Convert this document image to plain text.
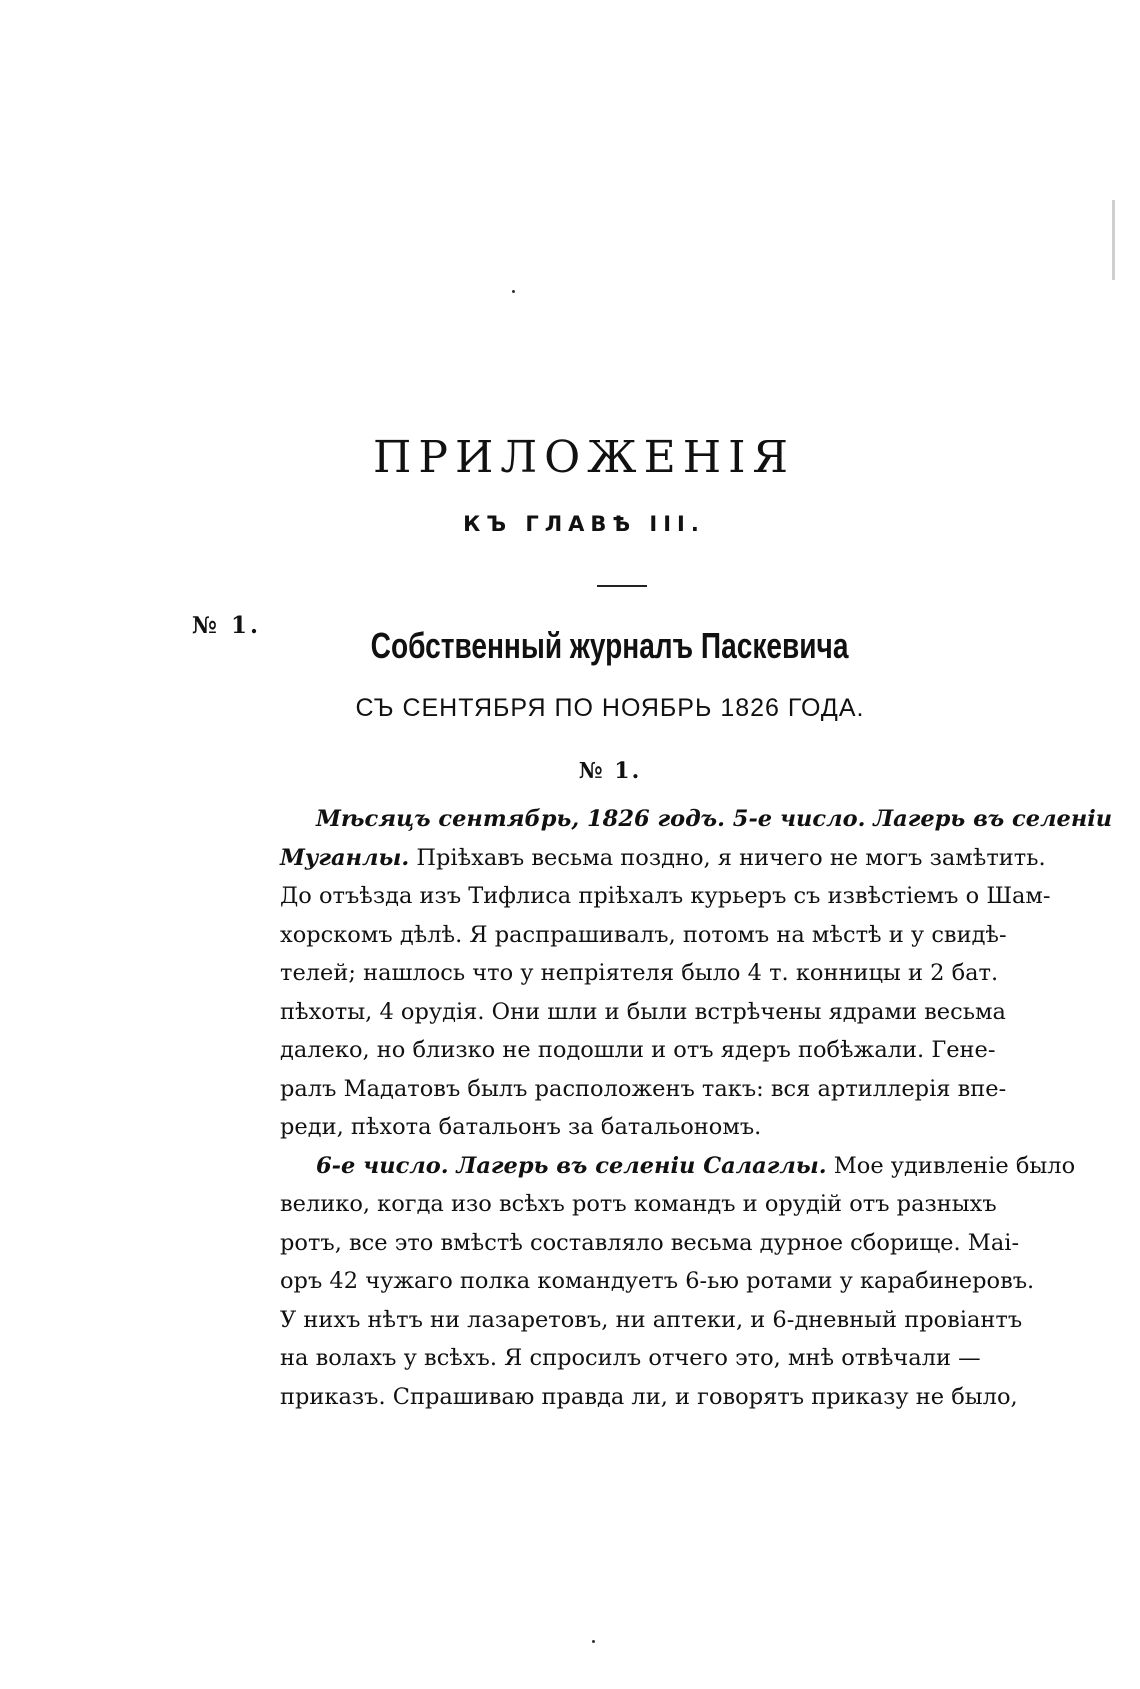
ПРИЛОЖЕНІЯ
КЪ ГЛАВѢ III.
№ 1.	Собственный журналъ Паскевича
СЪ СЕНТЯБРЯ ПО НОЯБРЬ 1826 ГОДА.
№ 1.
Мѣсяцъ сентябрь, 1826 годъ. 5-е число. Лагерь въ селеніи
Муганлы. Пріѣхавъ весьма поздно, я ничего не могъ замѣтить.
До отъѣзда изъ Тифлиса пріѣхалъ курьеръ съ извѣстіемъ о Шам-
хорскомъ дѣлѣ. Я распрашивалъ, потомъ на мѣстѣ и у свидѣ-
телей; нашлось что у непріятеля было 4 т. конницы и 2 бат.
пѣхоты, 4 орудія. Они шли и были встрѣчены ядрами весьма
далеко, но близко не подошли и отъ ядеръ побѣжали. Гене-
ралъ Мадатовъ былъ расположенъ такъ: вся артиллерія впе-
реди, пѣхота батальонъ за батальономъ.
6-е число. Лагерь въ селеніи Салаглы. Мое удивленіе было
велико, когда изо всѣхъ ротъ командъ и орудій отъ разныхъ
ротъ, все это вмѣстѣ составляло весьма дурное сборище. Маі-
оръ 42 чужаго полка командуетъ 6-ью ротами у карабинеровъ.
У нихъ нѣтъ ни лазаретовъ, ни аптеки, и 6-дневный провіантъ
на волахъ у всѣхъ. Я спросилъ отчего это, мнѣ отвѣчали —
приказъ. Спрашиваю правда ли, и говорятъ приказу не было,
